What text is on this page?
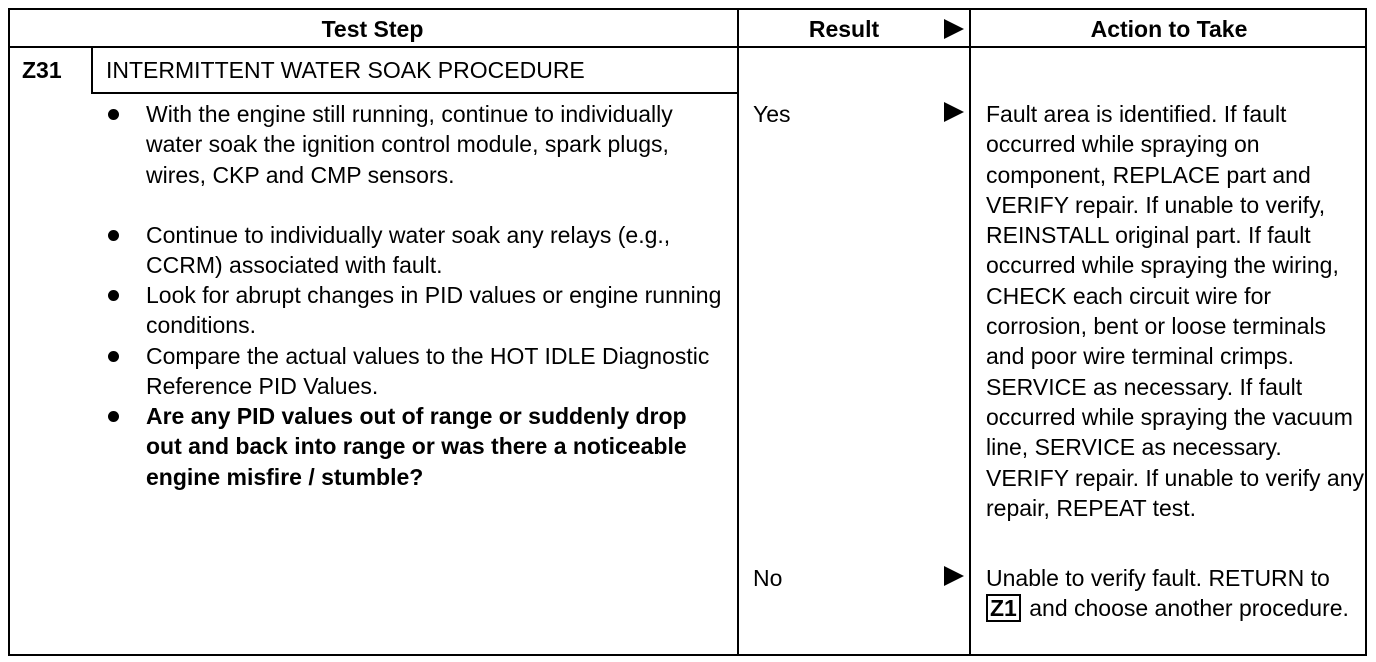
Test Step	Result	Action to Take
Z31 INTERMITTENT WATER SOAK PROCEDURE
With the engine still running, continue to individually water soak the ignition control module, spark plugs, wires, CKP and CMP sensors.
Continue to individually water soak any relays (e.g., CCRM) associated with fault.
Look for abrupt changes in PID values or engine running conditions.
Compare the actual values to the HOT IDLE Diagnostic Reference PID Values.
Are any PID values out of range or suddenly drop out and back into range or was there a noticeable engine misfire / stumble?
Yes	Fault area is identified. If fault occurred while spraying on component, REPLACE part and VERIFY repair. If unable to verify, REINSTALL original part. If fault occurred while spraying the wiring, CHECK each circuit wire for corrosion, bent or loose terminals and poor wire terminal crimps. SERVICE as necessary. If fault occurred while spraying the vacuum line, SERVICE as necessary. VERIFY repair. If unable to verify any repair, REPEAT test.
No	Unable to verify fault. RETURN to Z1 and choose another procedure.
